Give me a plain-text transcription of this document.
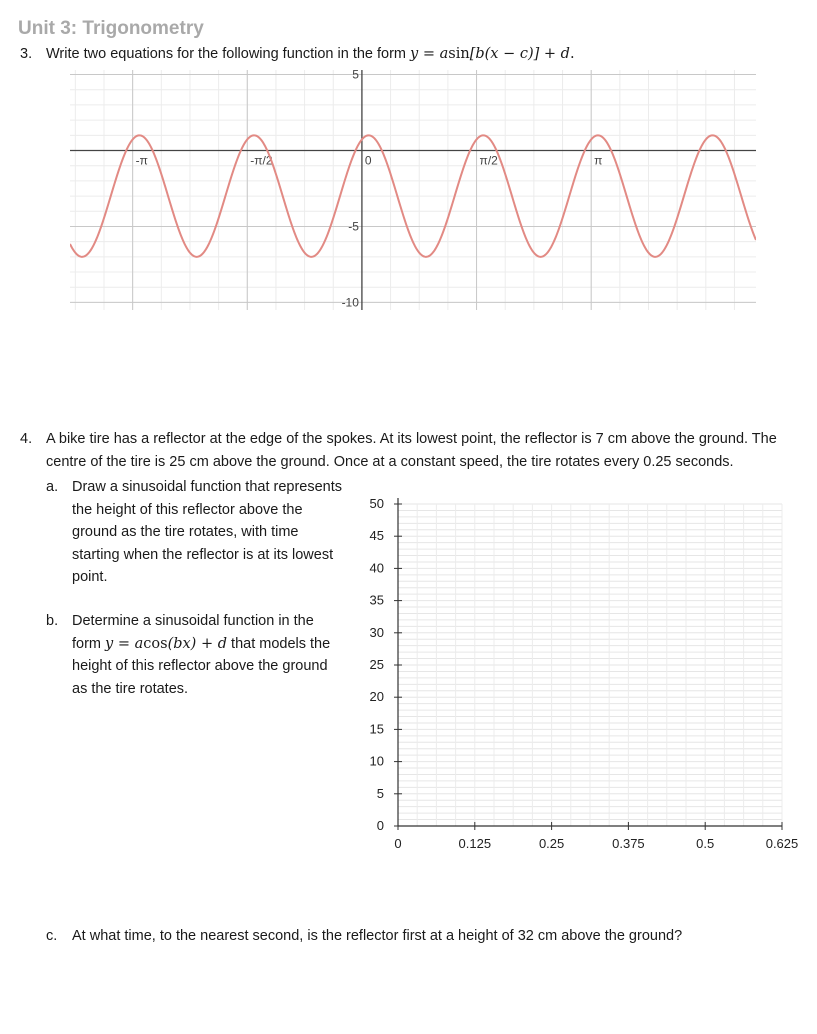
Unit 3: Trigonometry
3. Write two equations for the following function in the form y = asin[b(x − c)] + d.
-π	-π/2	0	π/2	π
5
-5
-10
4. A bike tire has a reflector at the edge of the spokes. At its lowest point, the reflector is 7 cm above the ground. The
centre of the tire is 25 cm above the ground. Once at a constant speed, the tire rotates every 0.25 seconds.
a. Draw a sinusoidal function that represents
the height of this reflector above the
ground as the tire rotates, with time
starting when the reflector is at its lowest
point.
b. Determine a sinusoidal function in the
form y = acos(bx) + d that models the
height of this reflector above the ground
as the tire rotates.
0
5
10
15
20
25
30
35
40
45
50
0	0.125	0.25	0.375	0.5	0.625
c. At what time, to the nearest second, is the reflector first at a height of 32 cm above the ground?
